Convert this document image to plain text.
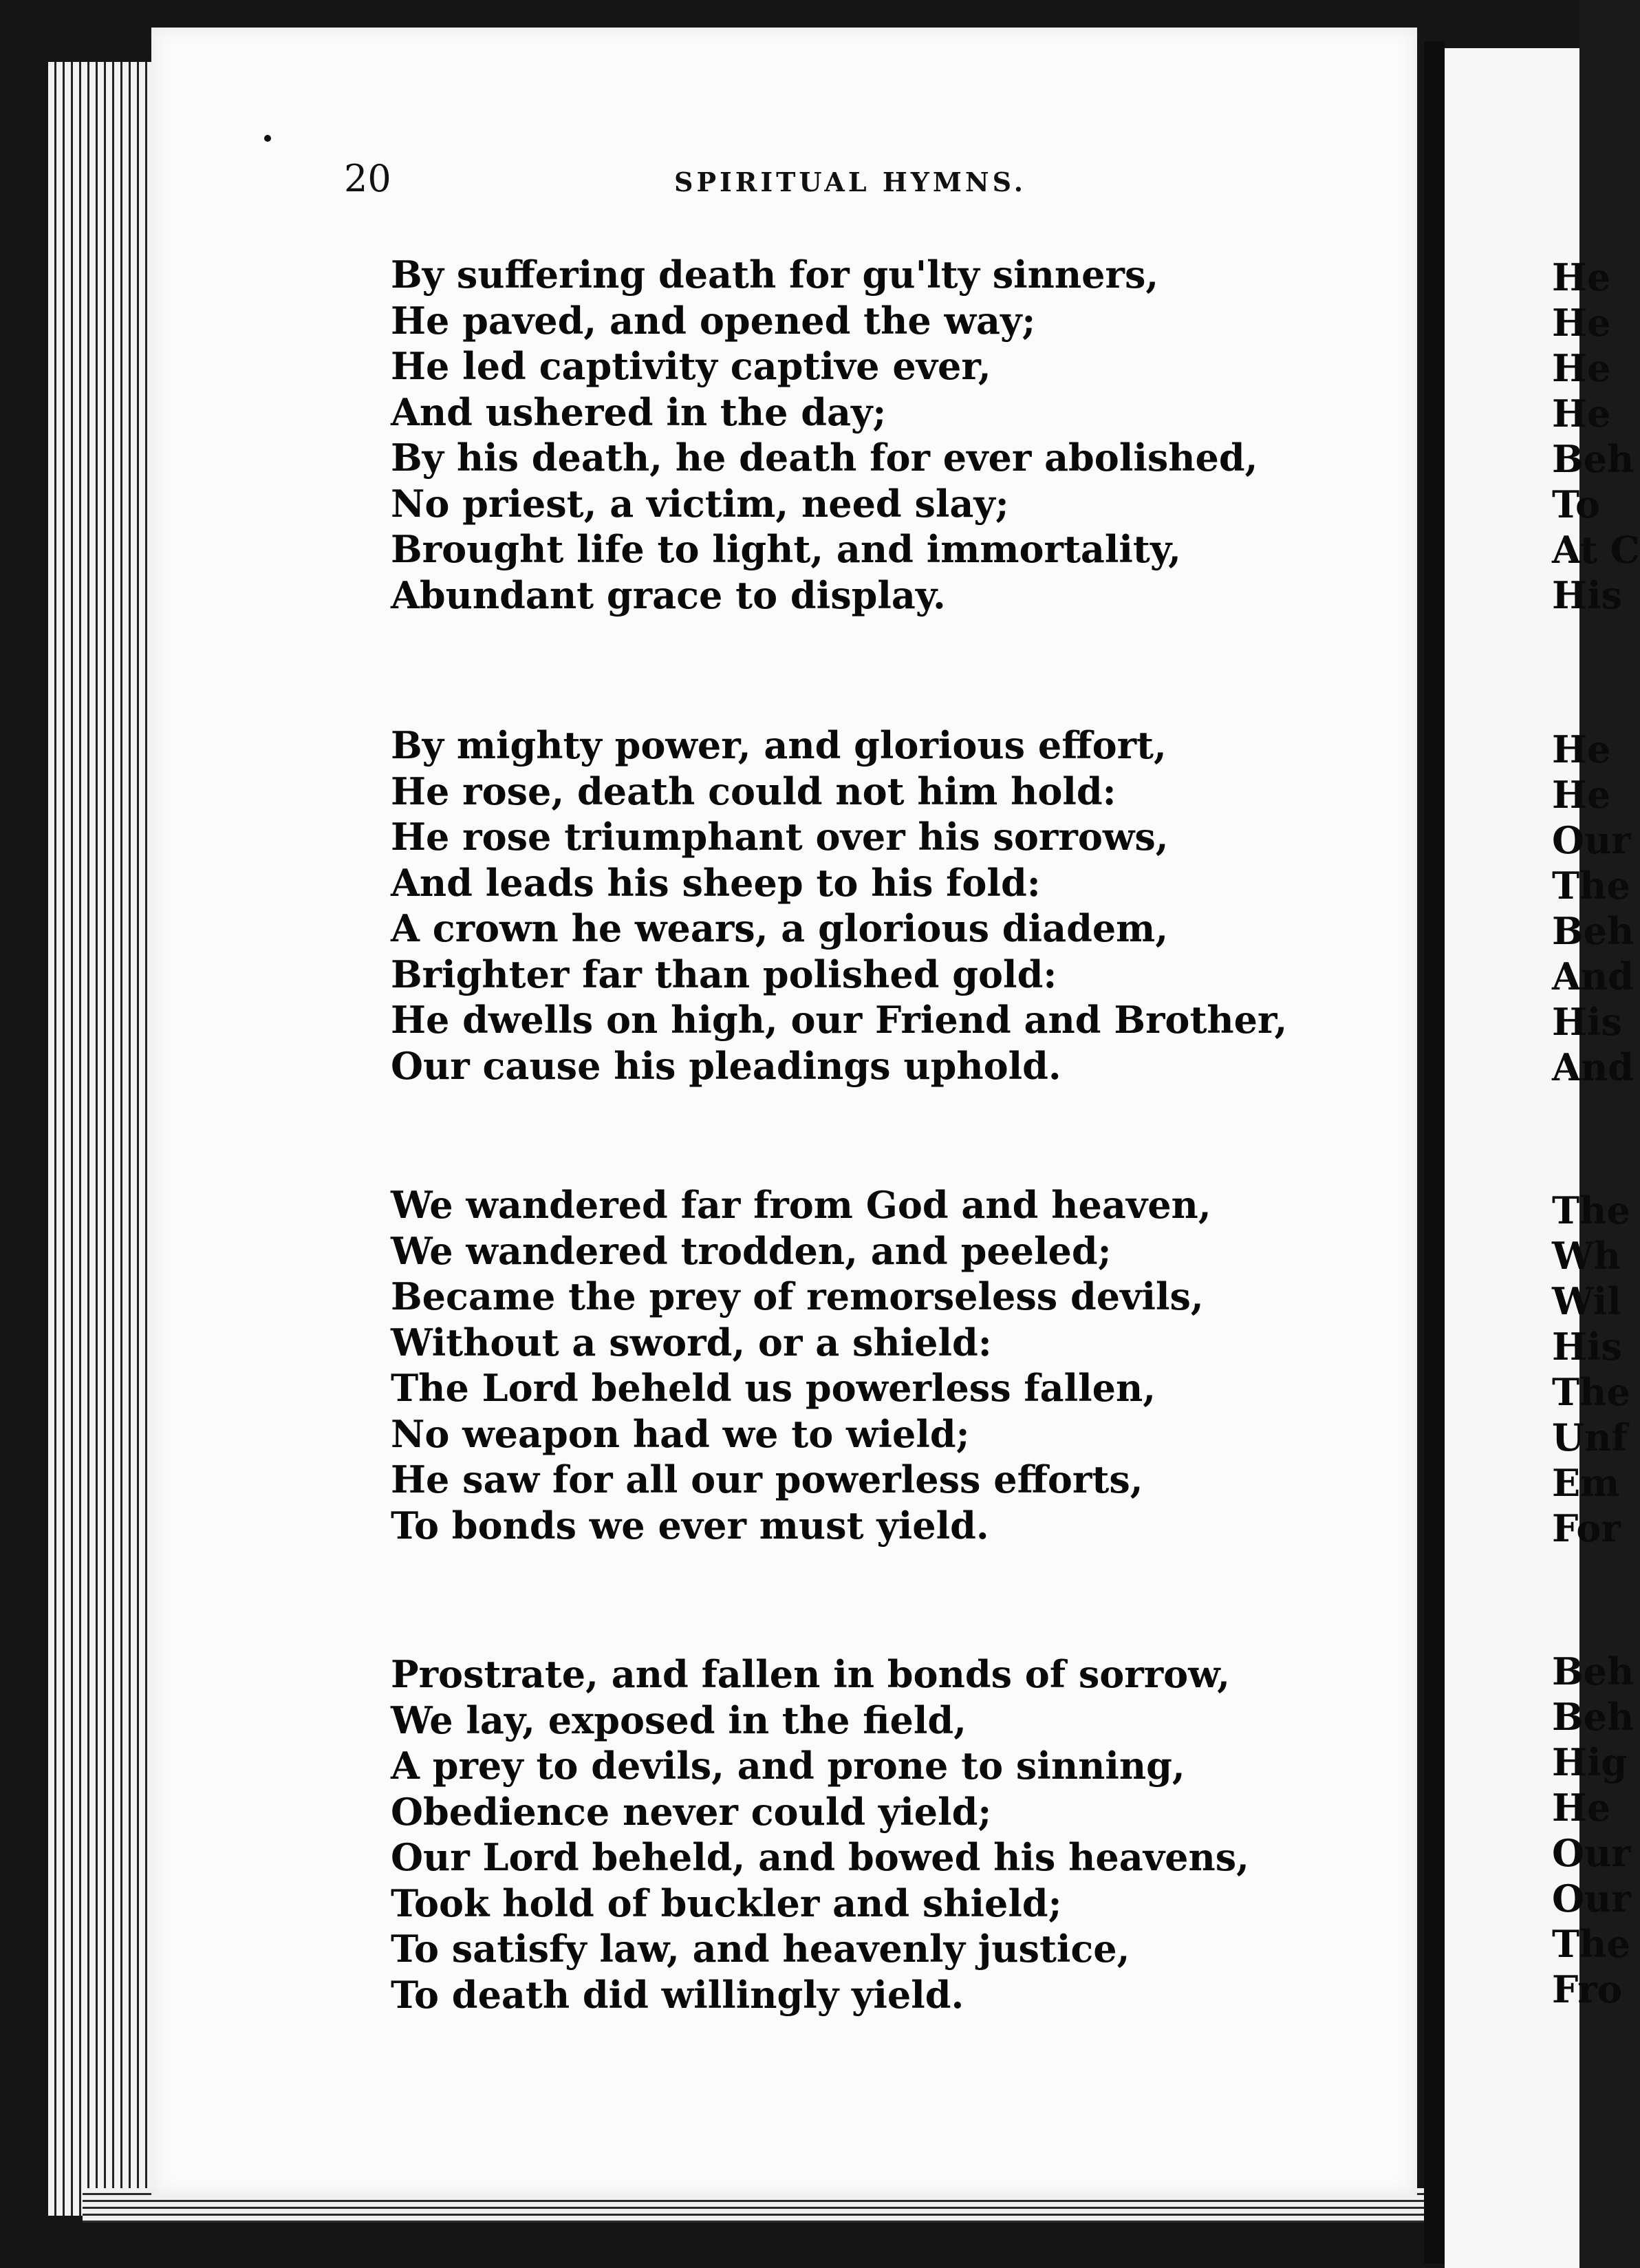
He
He
He
He
Beh
To
At C
His
He
He
Our
The
Beh
And
His
And
The
Wh
Wil
His
The
Unf
Em
For
Beh
Beh
Hig
He
Our
Our
The
Fro
20	SPIRITUAL HYMNS.
By suffering death for gu'lty sinners,
He paved, and opened the way;
He led captivity captive ever,
And ushered in the day;
By his death, he death for ever abolished,
No priest, a victim, need slay;
Brought life to light, and immortality,
Abundant grace to display.
By mighty power, and glorious effort,
He rose, death could not him hold:
He rose triumphant over his sorrows,
And leads his sheep to his fold:
A crown he wears, a glorious diadem,
Brighter far than polished gold:
He dwells on high, our Friend and Brother,
Our cause his pleadings uphold.
We wandered far from God and heaven,
We wandered trodden, and peeled;
Became the prey of remorseless devils,
Without a sword, or a shield:
The Lord beheld us powerless fallen,
No weapon had we to wield;
He saw for all our powerless efforts,
To bonds we ever must yield.
Prostrate, and fallen in bonds of sorrow,
We lay, exposed in the field,
A prey to devils, and prone to sinning,
Obedience never could yield;
Our Lord beheld, and bowed his heavens,
Took hold of buckler and shield;
To satisfy law, and heavenly justice,
To death did willingly yield.
